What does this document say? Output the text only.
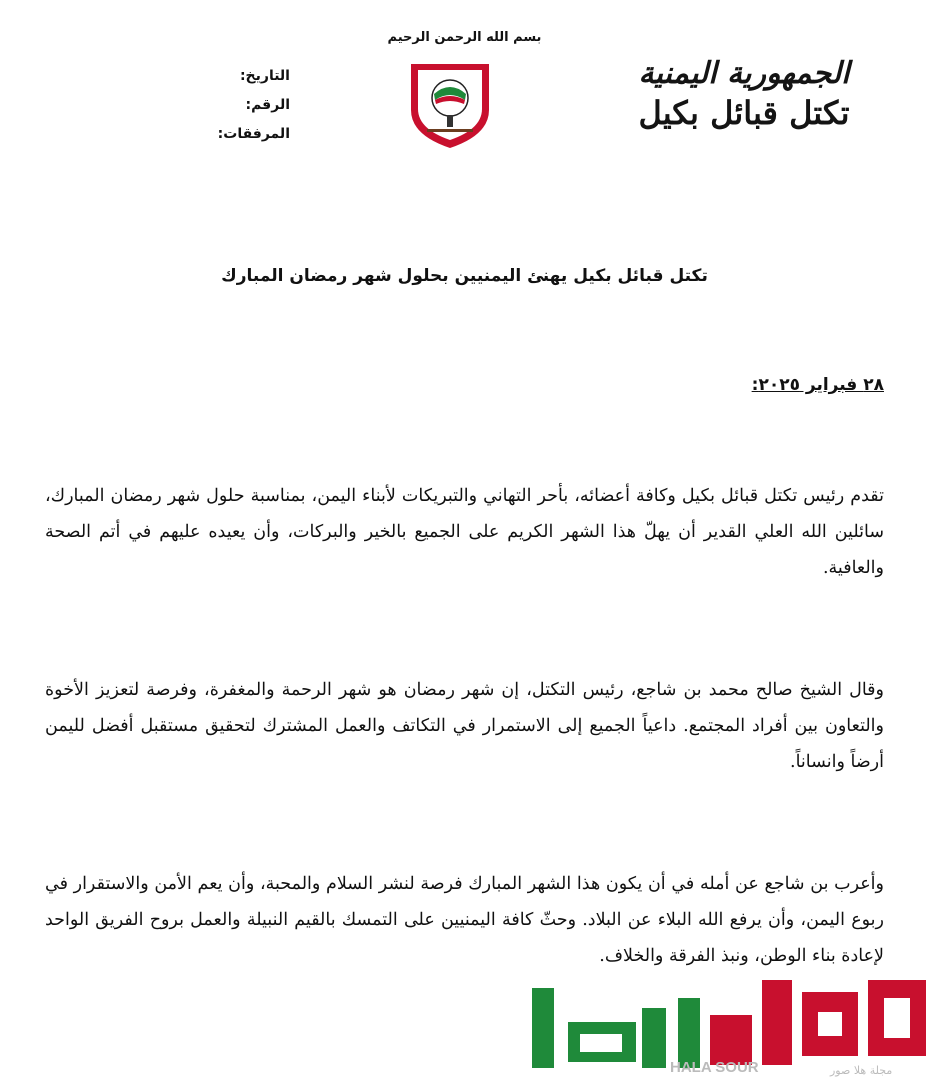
بسم الله الرحمن الرحيم
الجمهورية اليمنية
تكتل قبائل بكيل
التاريخ:
الرقم:
المرفقات:
تكتل قبائل بكيل يهنئ اليمنيين بحلول شهر رمضان المبارك
٢٨ فبراير ٢٠٢٥:
تقدم رئيس تكتل قبائل بكيل وكافة أعضائه، بأحر التهاني والتبريكات لأبناء اليمن، بمناسبة حلول شهر رمضان المبارك، سائلين الله العلي القدير أن يهلّ هذا الشهر الكريم على الجميع بالخير والبركات، وأن يعيده عليهم في أتم الصحة والعافية.
وقال الشيخ صالح محمد بن شاجع، رئيس التكتل، إن شهر رمضان هو شهر الرحمة والمغفرة، وفرصة لتعزيز الأخوة والتعاون بين أفراد المجتمع. داعياً الجميع إلى الاستمرار في التكاتف والعمل المشترك لتحقيق مستقبل أفضل لليمن أرضاً وانساناً.
وأعرب بن شاجع عن أمله في أن يكون هذا الشهر المبارك فرصة لنشر السلام والمحبة، وأن يعم الأمن والاستقرار في ربوع اليمن، وأن يرفع الله البلاء عن البلاد. وحثّ كافة اليمنيين على التمسك بالقيم النبيلة والعمل بروح الفريق الواحد لإعادة بناء الوطن، ونبذ الفرقة والخلاف.
HALA SOUR	مجلة هلا صور
